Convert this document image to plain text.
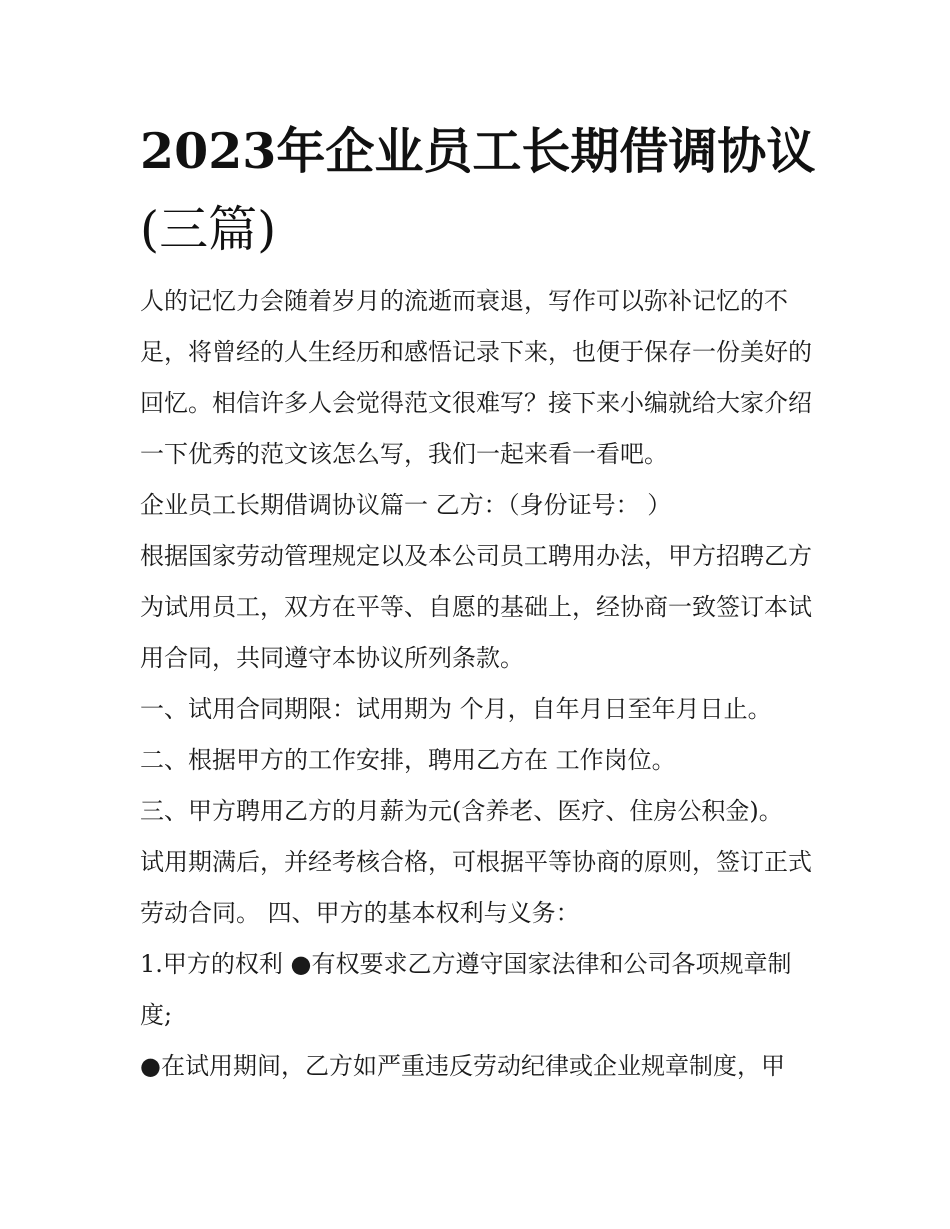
2023年企业员工长期借调协议
(三篇)

人的记忆力会随着岁月的流逝而衰退，写作可以弥补记忆的不足，将曾经的人生经历和感悟记录下来，也便于保存一份美好的回忆。相信许多人会觉得范文很难写？接下来小编就给大家介绍一下优秀的范文该怎么写，我们一起来看一看吧。

企业员工长期借调协议篇一 乙方：（身份证号： ）

根据国家劳动管理规定以及本公司员工聘用办法，甲方招聘乙方为试用员工，双方在平等、自愿的基础上，经协商一致签订本试用合同，共同遵守本协议所列条款。

一、试用合同期限：试用期为 个月，自年月日至年月日止。

二、根据甲方的工作安排，聘用乙方在 工作岗位。

三、甲方聘用乙方的月薪为元(含养老、医疗、住房公积金)。

试用期满后，并经考核合格，可根据平等协商的原则，签订正式劳动合同。 四、甲方的基本权利与义务：

1.甲方的权利 ●有权要求乙方遵守国家法律和公司各项规章制度;

●在试用期间，乙方如严重违反劳动纪律或企业规章制度，甲
